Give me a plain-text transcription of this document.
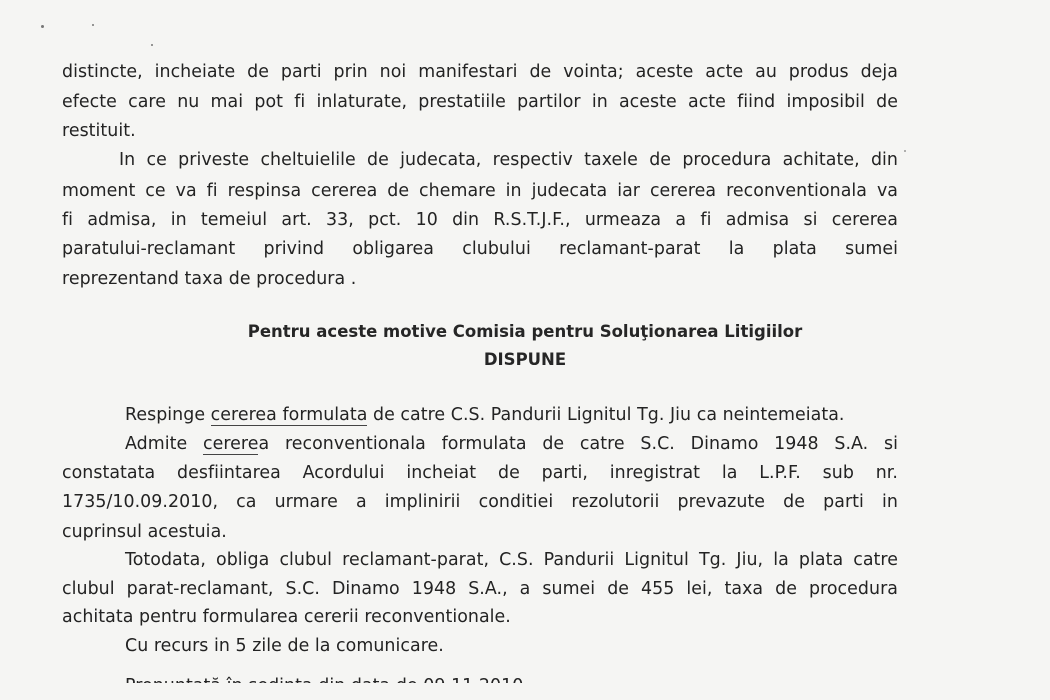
distincte, incheiate de parti prin noi manifestari de vointa; aceste acte au produs deja
efecte care nu mai pot fi inlaturate, prestatiile partilor in aceste acte fiind imposibil de
restituit.
In ce priveste cheltuielile de judecata, respectiv taxele de procedura achitate, din
moment ce va fi respinsa cererea de chemare in judecata iar cererea reconventionala va
fi admisa, in temeiul art. 33, pct. 10 din R.S.T.J.F., urmeaza a fi admisa si cererea
paratului-reclamant privind obligarea clubului reclamant-parat la plata sumei
reprezentand taxa de procedura .
Pentru aceste motive Comisia pentru Soluţionarea Litigiilor
DISPUNE
Respinge cererea formulata de catre C.S. Pandurii Lignitul Tg. Jiu ca neintemeiata.
Admite cererea reconventionala formulata de catre S.C. Dinamo 1948 S.A. si
constatata desfiintarea Acordului incheiat de parti, inregistrat la L.P.F. sub nr.
1735/10.09.2010, ca urmare a implinirii conditiei rezolutorii prevazute de parti in
cuprinsul acestuia.
Totodata, obliga clubul reclamant-parat, C.S. Pandurii Lignitul Tg. Jiu, la plata catre
clubul parat-reclamant, S.C. Dinamo 1948 S.A., a sumei de 455 lei, taxa de procedura
achitata pentru formularea cererii reconventionale.
Cu recurs in 5 zile de la comunicare.
